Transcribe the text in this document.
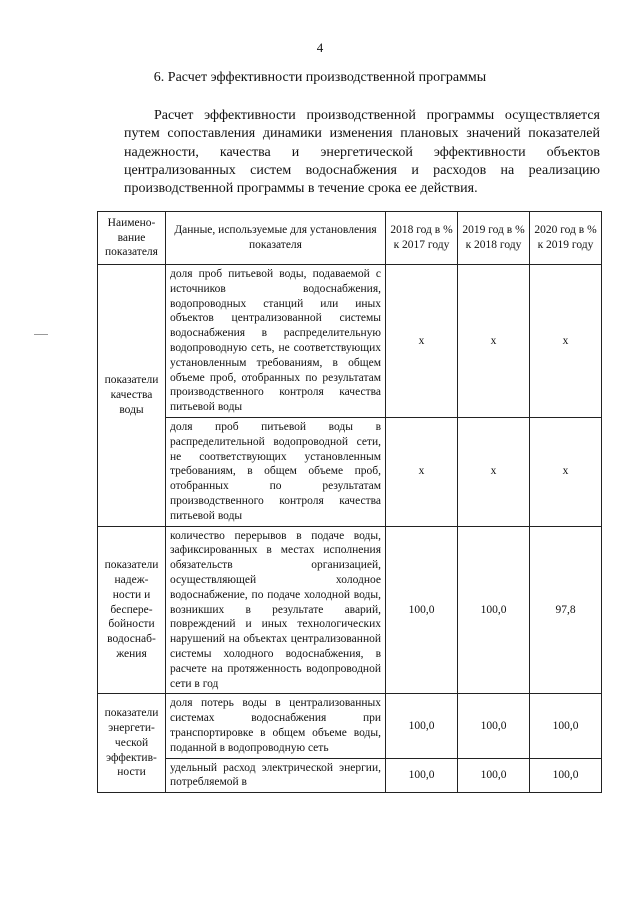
4
6. Расчет эффективности производственной программы

Расчет эффективности производственной программы осуществляется путем сопоставления динамики изменения плановых значений показателей надежности, качества и энергетической эффективности объектов централизованных систем водоснабжения и расходов на реализацию производственной программы в течение срока ее действия.

Наимено-вание показателя	Данные, используемые для установления показателя	2018 год в % к 2017 году	2019 год в % к 2018 году	2020 год в % к 2019 году
показатели качества воды	доля проб питьевой воды, подаваемой с источников водоснабжения, водопроводных станций или иных объектов централизованной системы водоснабжения в распределительную водопроводную сеть, не соответствующих установленным требованиям, в общем объеме проб, отобранных по результатам производственного контроля качества питьевой воды	х	х	х
	доля проб питьевой воды в распределительной водопроводной сети, не соответствующих установленным требованиям, в общем объеме проб, отобранных по результатам производственного контроля качества питьевой воды	х	х	х
показатели надеж-ности и беспере-бойности водоснаб-жения	количество перерывов в подаче воды, зафиксированных в местах исполнения обязательств организацией, осуществляющей холодное водоснабжение, по подаче холодной воды, возникших в результате аварий, повреждений и иных технологических нарушений на объектах централизованной системы холодного водоснабжения, в расчете на протяженность водопроводной сети в год	100,0	100,0	97,8
показатели энергети-ческой эффектив-ности	доля потерь воды в централизованных системах водоснабжения при транспортировке в общем объеме воды, поданной в водопроводную сеть	100,0	100,0	100,0
	удельный расход электрической энергии, потребляемой в	100,0	100,0	100,0
